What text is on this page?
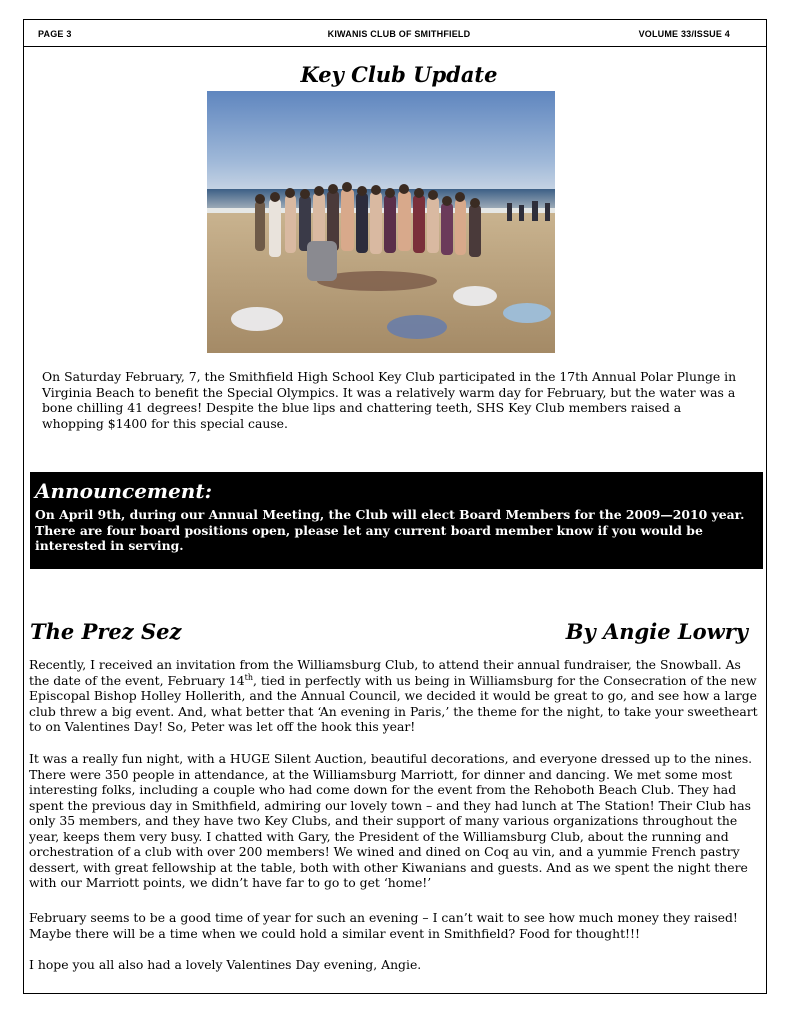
PAGE 3	KIWANIS CLUB OF SMITHFIELD	VOLUME 33/ISSUE 4
Key Club Update

On Saturday February, 7, the Smithfield High School Key Club participated in the 17th Annual Polar Plunge in Virginia Beach to benefit the Special Olympics. It was a relatively warm day for February, but the water was a bone chilling 41 degrees! Despite the blue lips and chattering teeth, SHS Key Club members raised a whopping $1400 for this special cause.

Announcement:

On April 9th, during our Annual Meeting, the Club will elect Board Members for the 2009—2010 year. There are four board positions open, please let any current board member know if you would be interested in serving.

The Prez Sez	By Angie Lowry

Recently, I received an invitation from the Williamsburg Club, to attend their annual fundraiser, the Snowball. As the date of the event, February 14th, tied in perfectly with us being in Williamsburg for the Consecration of the new Episcopal Bishop Holley Hollerith, and the Annual Council, we decided it would be great to go, and see how a large club threw a big event. And, what better that ‘An evening in Paris,’ the theme for the night, to take your sweetheart to on Valentines Day! So, Peter was let off the hook this year!

It was a really fun night, with a HUGE Silent Auction, beautiful decorations, and everyone dressed up to the nines. There were 350 people in attendance, at the Williamsburg Marriott, for dinner and dancing. We met some most interesting folks, including a couple who had come down for the event from the Rehoboth Beach Club. They had spent the previous day in Smithfield, admiring our lovely town – and they had lunch at The Station! Their Club has only 35 members, and they have two Key Clubs, and their support of many various organizations throughout the year, keeps them very busy. I chatted with Gary, the President of the Williamsburg Club, about the running and orchestration of a club with over 200 members! We wined and dined on Coq au vin, and a yummie French pastry dessert, with great fellowship at the table, both with other Kiwanians and guests. And as we spent the night there with our Marriott points, we didn’t have far to go to get ‘home!’

February seems to be a good time of year for such an evening – I can’t wait to see how much money they raised! Maybe there will be a time when we could hold a similar event in Smithfield? Food for thought!!!

I hope you all also had a lovely Valentines Day evening, Angie.
